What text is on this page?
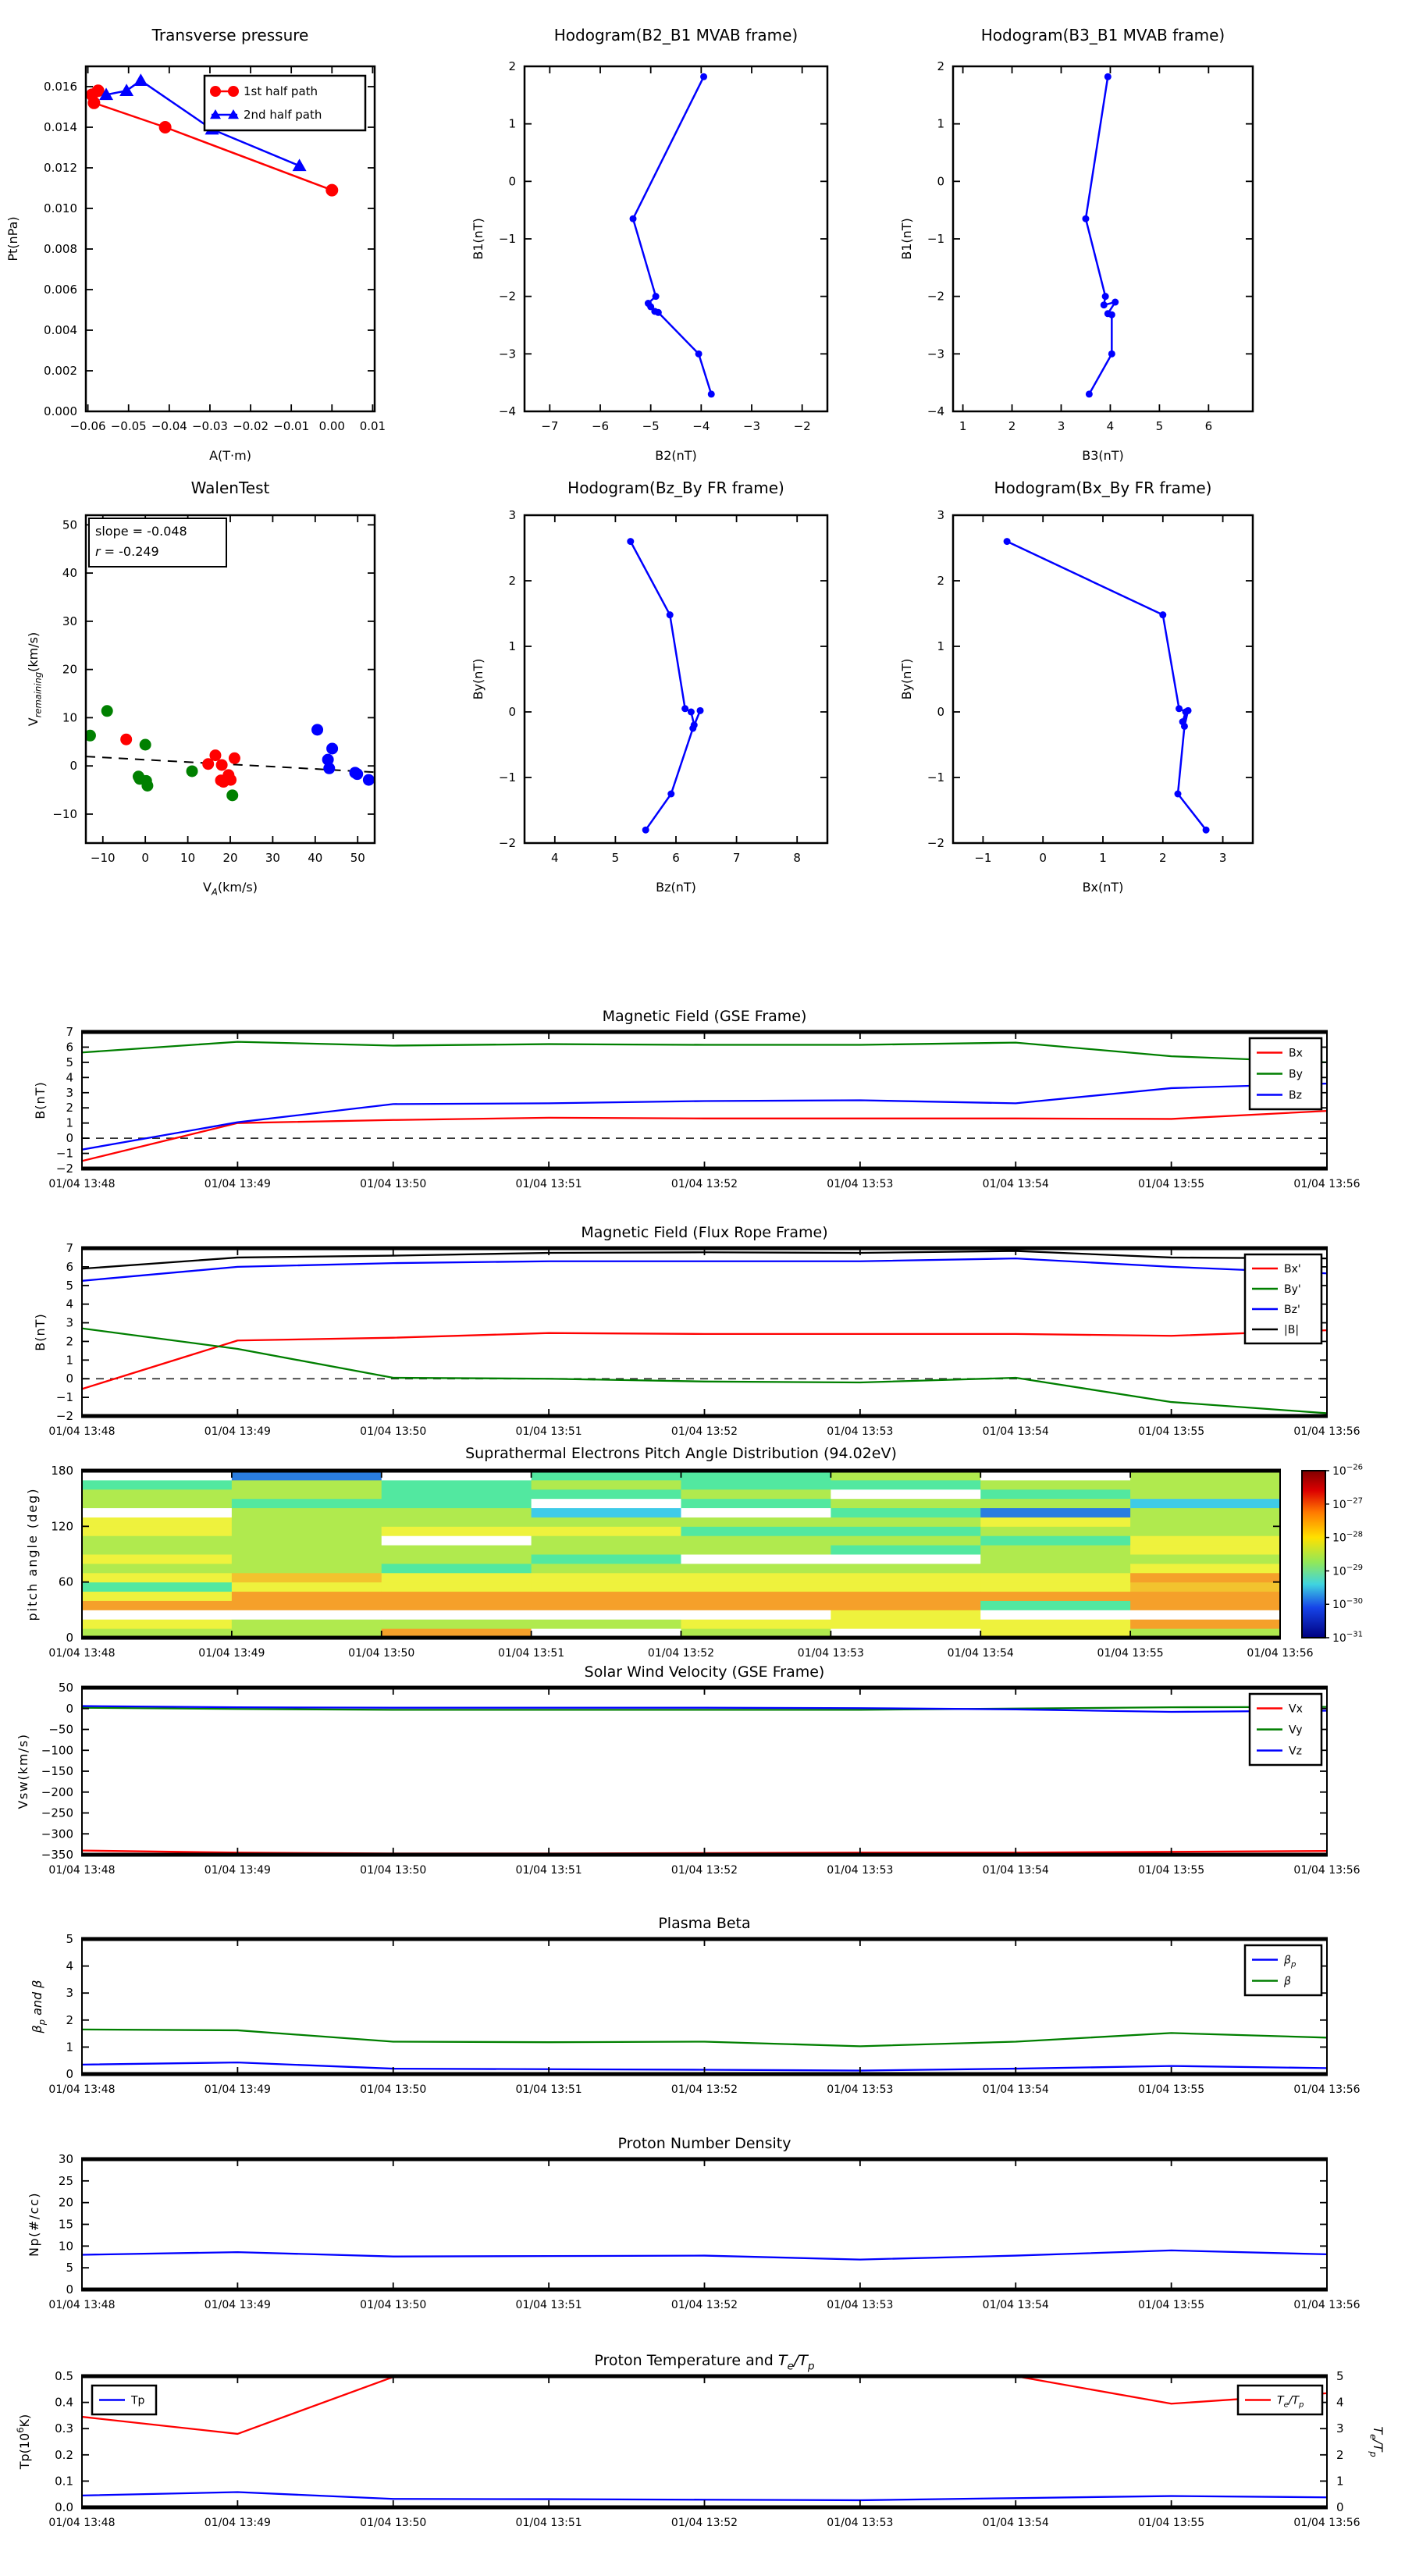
−0.06 −0.05 −0.04 −0.03 −0.02 −0.01 0.00 0.01
0.000
0.002
0.004
0.006
0.008
0.010
0.012
0.014
0.016
Transverse pressure
A(T·m)
Pt(nPa)
1st half path
2nd half path
−7	−6	−5	−4	−3	−2
−4
−3
−2
−1
0
1
2
Hodogram(B2_B1 MVAB frame)
B2(nT)
B1(nT)
1	2	3	4	5	6
−4
−3
−2
−1
0
1
2
Hodogram(B3_B1 MVAB frame)
B3(nT)
B1(nT)
−10 0	10 20 30 40 50
−10
0
10
20
30
40
50
WalenTest
$V_A(km/s)$
$V_{remaining}(km/s)$
slope = -0.048
r = -0.249
4	5	6	7	8
−2
−1
0
1
2
3
Hodogram(Bz_By FR frame)
Bz(nT)
By(nT)
−1	0	1	2	3
−2
−1
0
1
2
3
Hodogram(Bx_By FR frame)
Bx(nT)
By(nT)
01/04 13:48	01/04 13:49	01/04 13:50	01/04 13:51	01/04 13:52	01/04 13:53	01/04 13:54	01/04 13:55	01/04 13:56
−2
−1
0
1
2
3
4
5
6
7
Magnetic Field (GSE Frame)
B(nT)
Bx
By
Bz
01/04 13:48	01/04 13:49	01/04 13:50	01/04 13:51	01/04 13:52	01/04 13:53	01/04 13:54	01/04 13:55	01/04 13:56
−2
−1
0
1
2
3
4
5
6
7
Magnetic Field (Flux Rope Frame)
B(nT)
Bx'
By'
Bz'
|B|
$10^{-26}$
$10^{-27}$
$10^{-28}$
$10^{-29}$
$10^{-30}$
$10^{-31}$
01/04 13:48	01/04 13:49	01/04 13:50	01/04 13:51	01/04 13:52	01/04 13:53	01/04 13:54	01/04 13:55	01/04 13:56
0
60
120
180
Suprathermal Electrons Pitch Angle Distribution (94.02eV)
pitch angle (deg)
01/04 13:48	01/04 13:49	01/04 13:50	01/04 13:51	01/04 13:52	01/04 13:53	01/04 13:54	01/04 13:55	01/04 13:56
−350
−300
−250
−200
−150
−100
−50
0
50
Solar Wind Velocity (GSE Frame)
Vsw(km/s)
Vx
Vy
Vz
01/04 13:48	01/04 13:49	01/04 13:50	01/04 13:51	01/04 13:52	01/04 13:53	01/04 13:54	01/04 13:55	01/04 13:56
0
1
2
3
4
5
Plasma Beta
$\beta_p$ and β
$\beta_p$
β
01/04 13:48	01/04 13:49	01/04 13:50	01/04 13:51	01/04 13:52	01/04 13:53	01/04 13:54	01/04 13:55	01/04 13:56
0
5
10
15
20
25
30
Proton Number Density
Np(#/cc)
01/04 13:48	01/04 13:49	01/04 13:50	01/04 13:51	01/04 13:52	01/04 13:53	01/04 13:54	01/04 13:55	01/04 13:56
0.0
0.1
0.2
0.3
0.4
0.5
0
1
2
3
4
5
Proton Temperature and $T_e/T_p$
$Tp(10^6K)$
$T_e/T_p$
Tp	$T_e/T_p$
